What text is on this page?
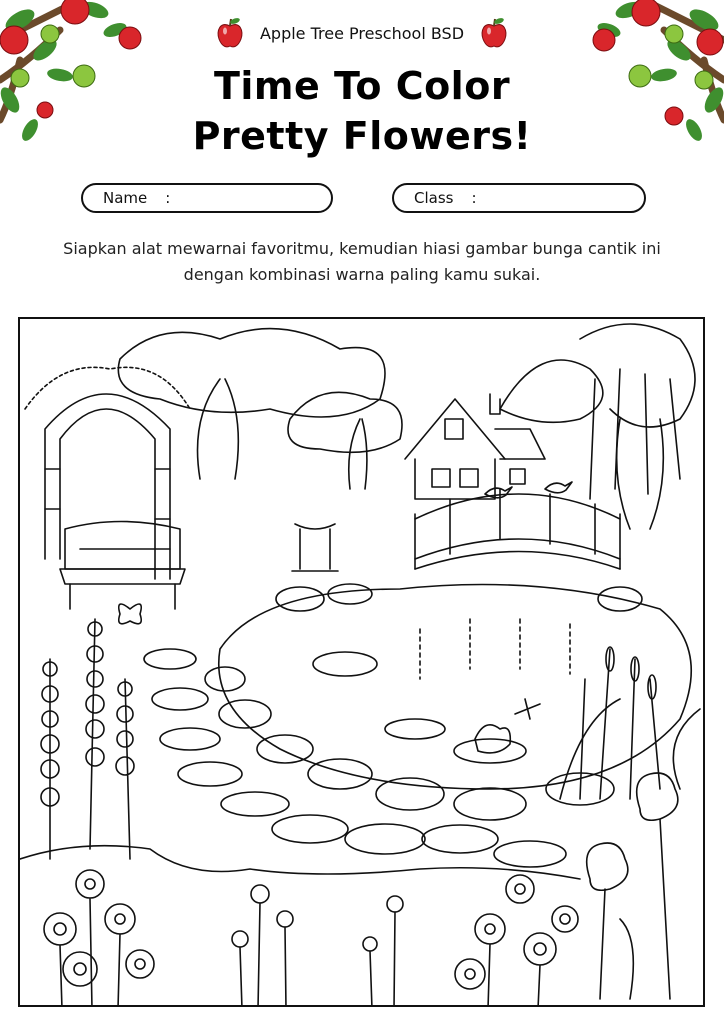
Apple Tree Preschool BSD
Time To Color
Pretty Flowers!
Name :	Class :
Siapkan alat mewarnai favoritmu, kemudian hiasi gambar bunga cantik ini dengan kombinasi warna paling kamu sukai.
